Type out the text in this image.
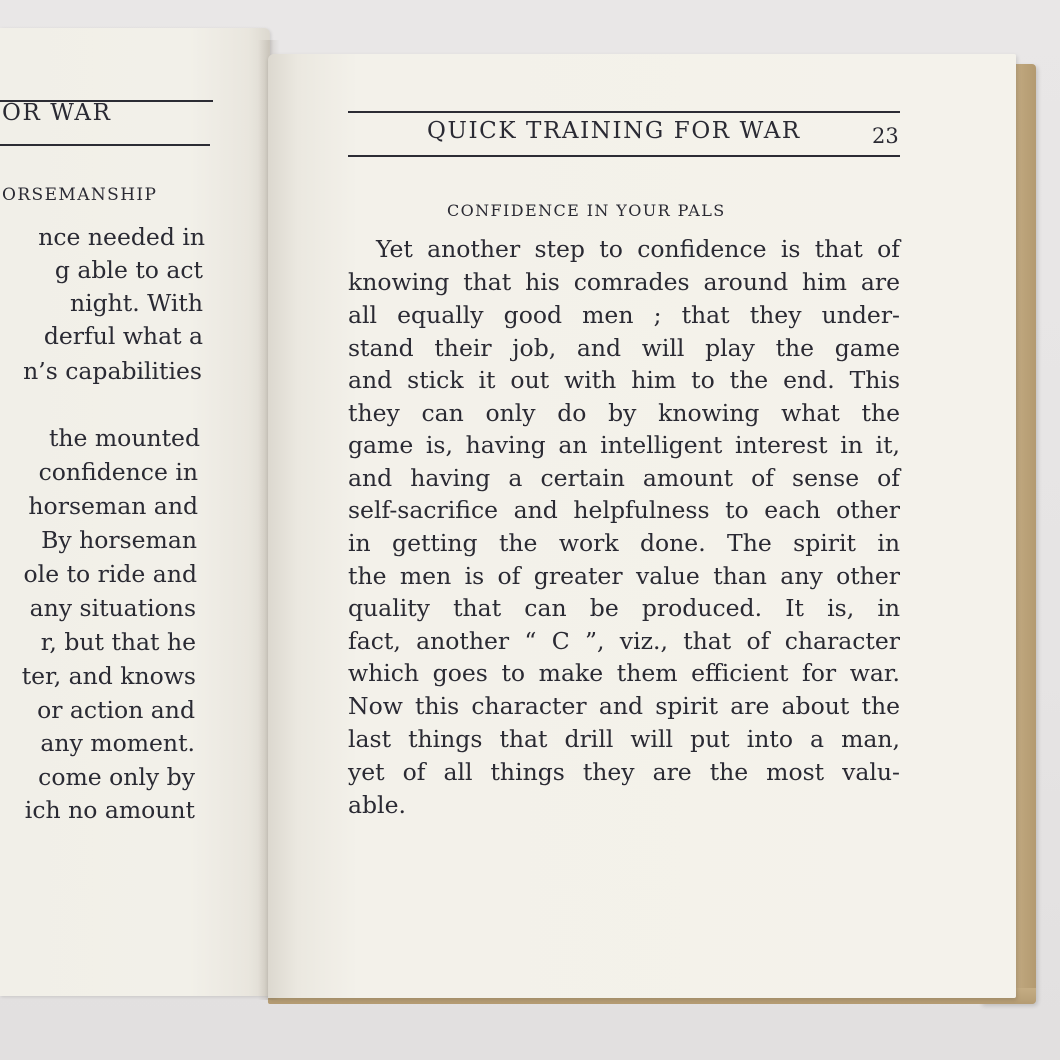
OR WAR
ORSEMANSHIP
nce needed in
g able to act
night. With
derful what a
n’s capabilities
the mounted
confidence in
horseman and
By horseman
ole to ride and
any situations
r, but that he
ter, and knows
or action and
any moment.
come only by
ich no amount
QUICK TRAINING FOR WAR	23
CONFIDENCE IN YOUR PALS
Yet another step to confidence is that of
knowing that his comrades around him are
all equally good men ; that they under-
stand their job, and will play the game
and stick it out with him to the end. This
they can only do by knowing what the
game is, having an intelligent interest in it,
and having a certain amount of sense of
self-sacrifice and helpfulness to each other
in getting the work done. The spirit in
the men is of greater value than any other
quality that can be produced. It is, in
fact, another “ C ”, viz., that of character
which goes to make them efficient for war.
Now this character and spirit are about the
last things that drill will put into a man,
yet of all things they are the most valu-
able.
